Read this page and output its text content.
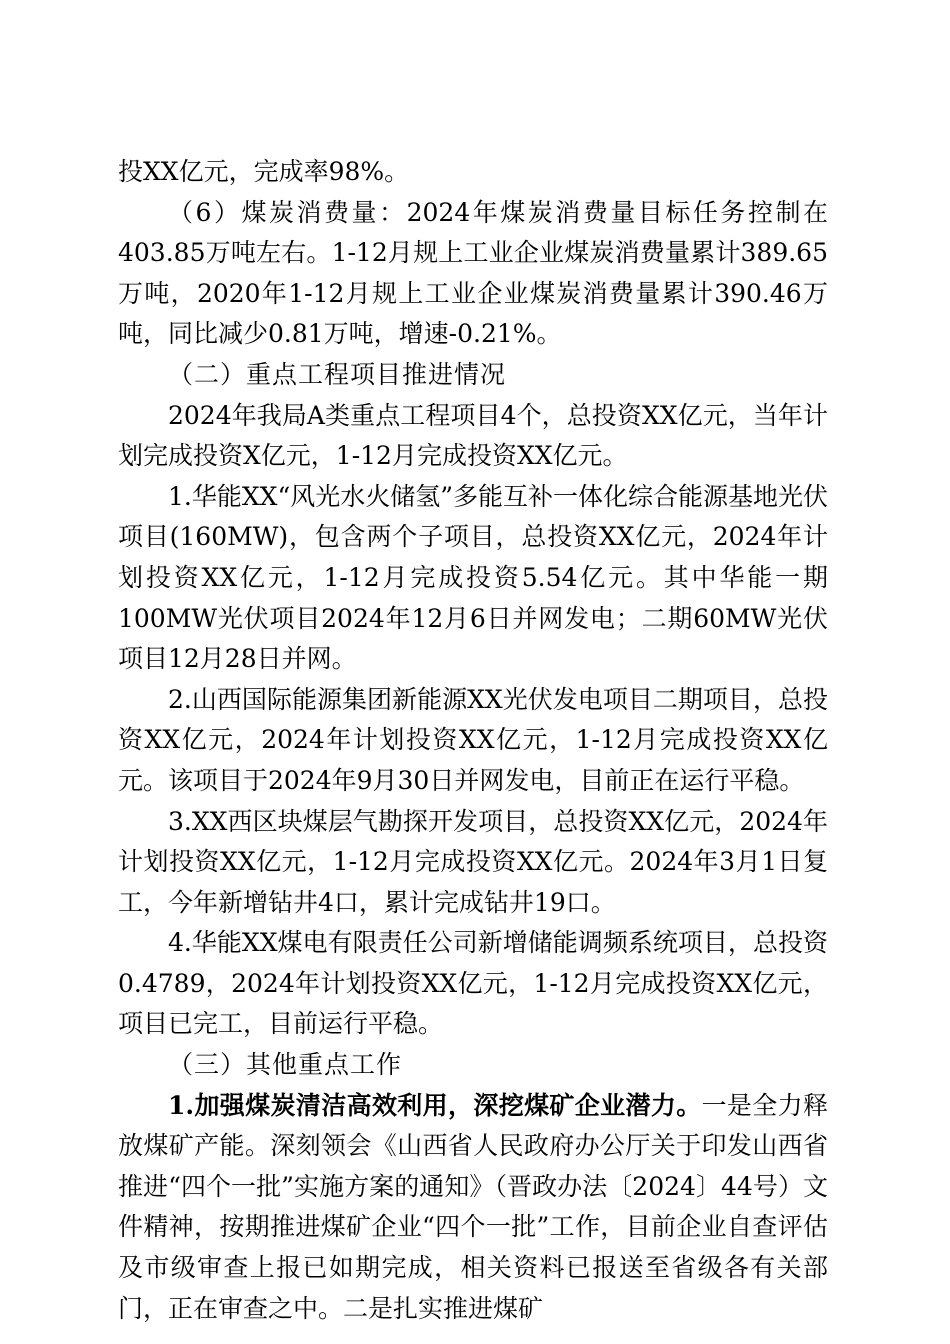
投XX亿元，完成率98%。

（6）煤炭消费量：2024年煤炭消费量目标任务控制在403.85万吨左右。1-12月规上工业企业煤炭消费量累计389.65万吨，2020年1-12月规上工业企业煤炭消费量累计390.46万吨，同比减少0.81万吨，增速-0.21%。

（二）重点工程项目推进情况

2024年我局A类重点工程项目4个，总投资XX亿元，当年计划完成投资X亿元，1-12月完成投资XX亿元。

1.华能XX“风光水火储氢”多能互补一体化综合能源基地光伏项目(160MW)，包含两个子项目，总投资XX亿元，2024年计划投资XX亿元，1-12月完成投资5.54亿元。其中华能一期100MW光伏项目2024年12月6日并网发电；二期60MW光伏项目12月28日并网。

2.山西国际能源集团新能源XX光伏发电项目二期项目，总投资XX亿元，2024年计划投资XX亿元，1-12月完成投资XX亿元。该项目于2024年9月30日并网发电，目前正在运行平稳。

3.XX西区块煤层气勘探开发项目，总投资XX亿元，2024年计划投资XX亿元，1-12月完成投资XX亿元。2024年3月1日复工，今年新增钻井4口，累计完成钻井19口。

4.华能XX煤电有限责任公司新增储能调频系统项目，总投资0.4789，2024年计划投资XX亿元，1-12月完成投资XX亿元，项目已完工，目前运行平稳。

（三）其他重点工作

1.加强煤炭清洁高效利用，深挖煤矿企业潜力。一是全力释放煤矿产能。深刻领会《山西省人民政府办公厅关于印发山西省推进“四个一批”实施方案的通知》（晋政办法〔2024〕44号）文件精神，按期推进煤矿企业“四个一批”工作，目前企业自查评估及市级审查上报已如期完成，相关资料已报送至省级各有关部门，正在审查之中。二是扎实推进煤矿
